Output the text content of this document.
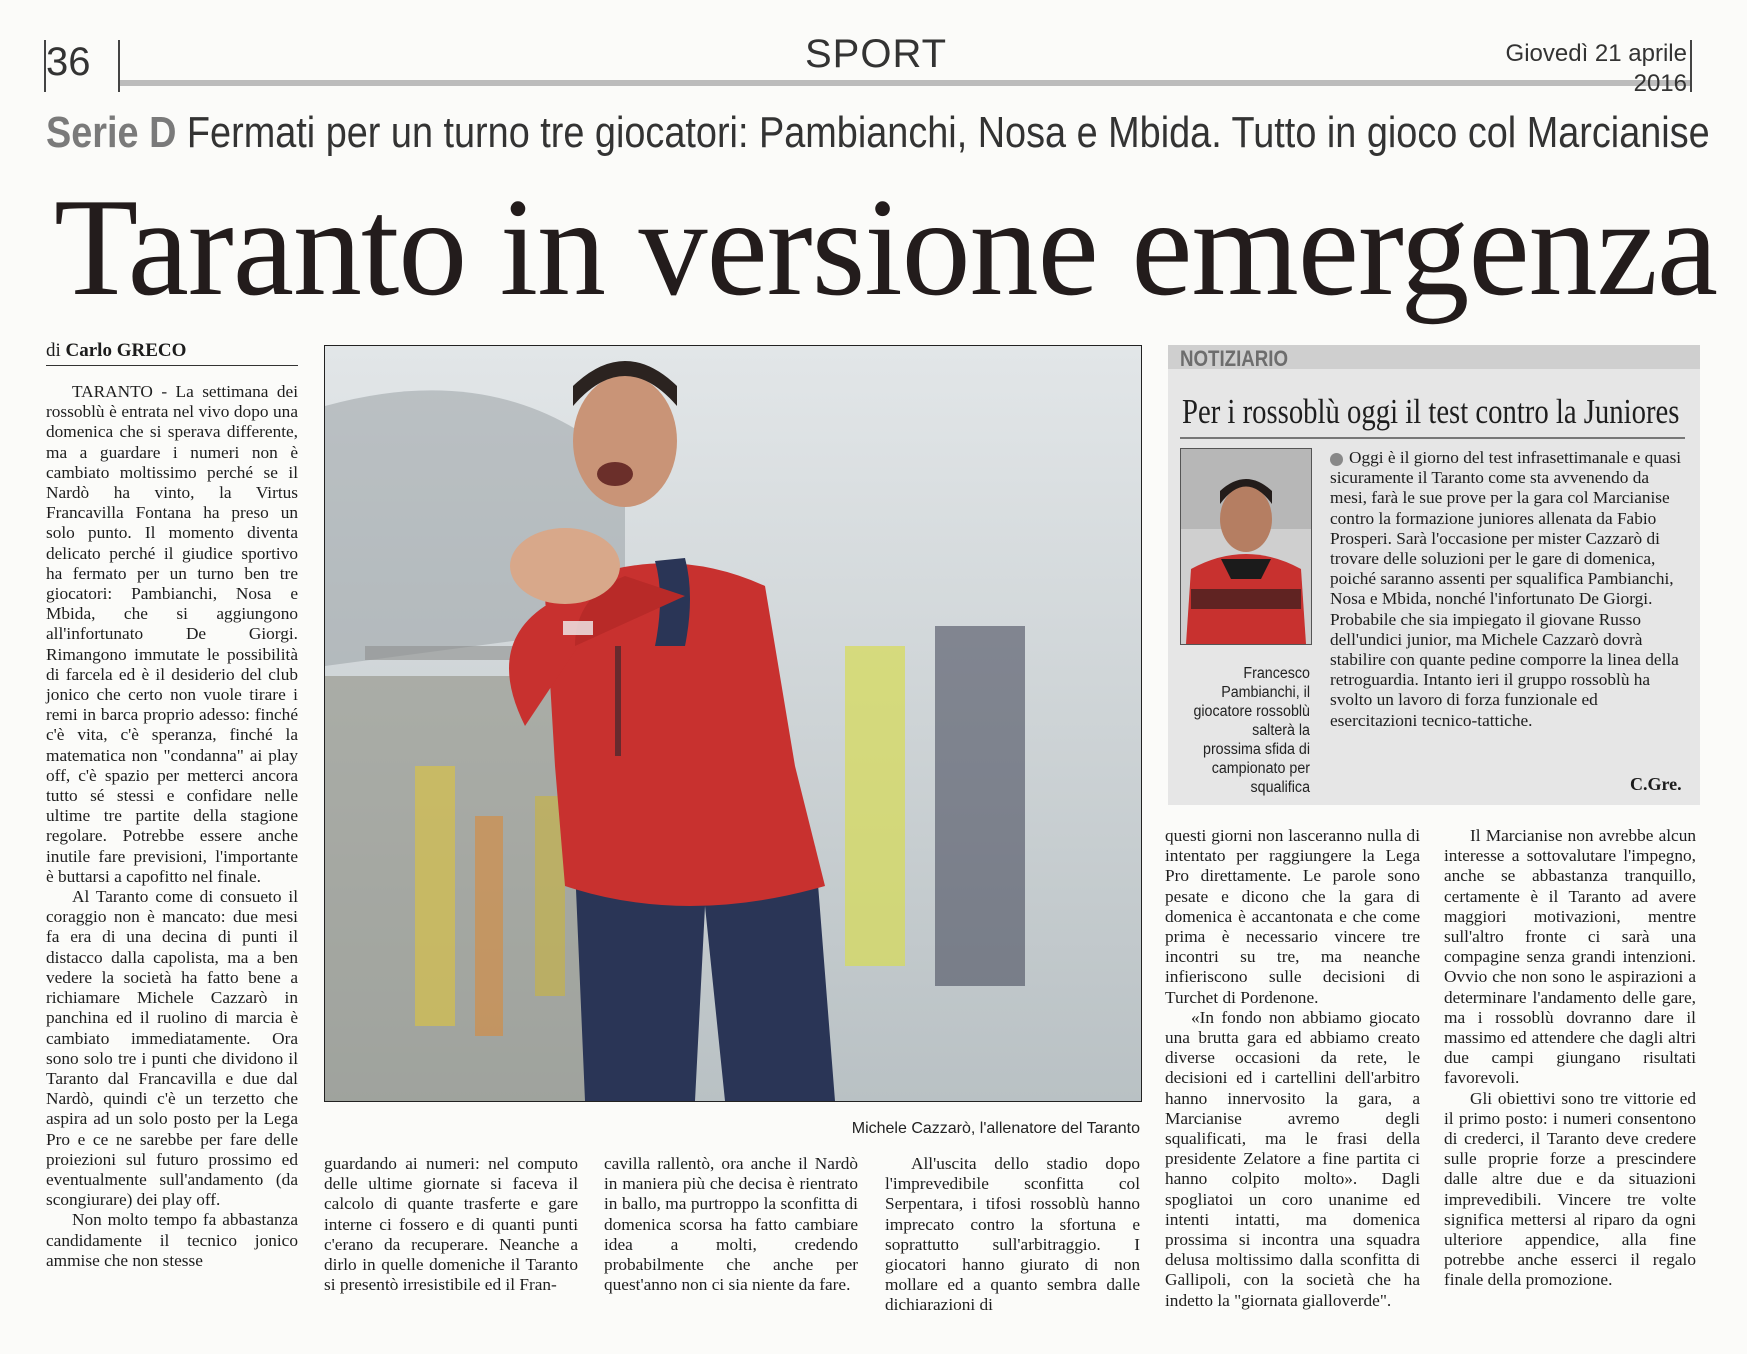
36	SPORT	Giovedì 21 aprile
2016
Serie D Fermati per un turno tre giocatori: Pambianchi, Nosa e Mbida. Tutto in gioco col Marcianise
Taranto in versione emergenza
di Carlo GRECO

TARANTO - La settimana dei rossoblù è entrata nel vivo dopo una domenica che si sperava differente, ma a guardare i numeri non è cambiato moltissimo perché se il Nardò ha vinto, la Virtus Francavilla Fontana ha preso un solo punto. Il momento diventa delicato perché il giudice sportivo ha fermato per un turno ben tre giocatori: Pambianchi, Nosa e Mbida, che si aggiungono all'infortunato De Giorgi. Rimangono immutate le possibilità di farcela ed è il desiderio del club jonico che certo non vuole tirare i remi in barca proprio adesso: finché c'è vita, c'è speranza, finché la matematica non "condanna" ai play off, c'è spazio per metterci ancora tutto sé stessi e confidare nelle ultime tre partite della stagione regolare. Potrebbe essere anche inutile fare previsioni, l'importante è buttarsi a capofitto nel finale.

Al Taranto come di consueto il coraggio non è mancato: due mesi fa era di una decina di punti il distacco dalla capolista, ma a ben vedere la società ha fatto bene a richiamare Michele Cazzarò in panchina ed il ruolino di marcia è cambiato immediatamente. Ora sono solo tre i punti che dividono il Taranto dal Francavilla e due dal Nardò, quindi c'è un terzetto che aspira ad un solo posto per la Lega Pro e ce ne sarebbe per fare delle proiezioni sul futuro prossimo ed eventualmente sull'andamento (da scongiurare) dei play off.

Non molto tempo fa abbastanza candidamente il tecnico jonico ammise che non stesse

Michele Cazzarò, l'allenatore del Taranto

guardando ai numeri: nel computo delle ultime giornate si faceva il calcolo di quante trasferte e gare interne ci fossero e di quanti punti c'erano da recuperare. Neanche a dirlo in quelle domeniche il Taranto si presentò irresistibile ed il Fran-

cavilla rallentò, ora anche il Nardò in maniera più che decisa è rientrato in ballo, ma purtroppo la sconfitta di domenica scorsa ha fatto cambiare idea a molti, credendo probabilmente che anche per quest'anno non ci sia niente da fare.

All'uscita dello stadio dopo l'imprevedibile sconfitta col Serpentara, i tifosi rossoblù hanno imprecato contro la sfortuna e soprattutto sull'arbitraggio. I giocatori hanno giurato di non mollare ed a quanto sembra dalle dichiarazioni di

questi giorni non lasceranno nulla di intentato per raggiungere la Lega Pro direttamente. Le parole sono pesate e dicono che la gara di domenica è accantonata e che come prima è necessario vincere tre incontri su tre, ma neanche infieriscono sulle decisioni di Turchet di Pordenone.

«In fondo non abbiamo giocato una brutta gara ed abbiamo creato diverse occasioni da rete, le decisioni ed i cartellini dell'arbitro hanno innervosito la gara, a Marcianise avremo degli squalificati, ma le frasi della presidente Zelatore a fine partita ci hanno colpito molto». Dagli spogliatoi un coro unanime ed intenti intatti, ma domenica prossima si incontra una squadra delusa moltissimo dalla sconfitta di Gallipoli, con la società che ha indetto la "giornata gialloverde".

Il Marcianise non avrebbe alcun interesse a sottovalutare l'impegno, anche se abbastanza tranquillo, certamente è il Taranto ad avere maggiori motivazioni, mentre sull'altro fronte ci sarà una compagine senza grandi intenzioni. Ovvio che non sono le aspirazioni a determinare l'andamento delle gare, ma i rossoblù dovranno dare il massimo ed attendere che dagli altri due campi giungano risultati favorevoli.

Gli obiettivi sono tre vittorie ed il primo posto: i numeri consentono di crederci, il Taranto deve credere sulle proprie forze a prescindere dalle altre due e da situazioni imprevedibili. Vincere tre volte significa mettersi al riparo da ogni ulteriore appendice, alla fine potrebbe anche esserci il regalo finale della promozione.

NOTIZIARIO
Per i rossoblù oggi il test contro la Juniores
Francesco Pambianchi, il giocatore rossoblù salterà la prossima sfida di campionato per squalifica
Oggi è il giorno del test infrasettimanale e quasi sicuramente il Taranto come sta avvenendo da mesi, farà le sue prove per la gara col Marcianise contro la formazione juniores allenata da Fabio Prosperi. Sarà l'occasione per mister Cazzarò di trovare delle soluzioni per le gare di domenica, poiché saranno assenti per squalifica Pambianchi, Nosa e Mbida, nonché l'infortunato De Giorgi. Probabile che sia impiegato il giovane Russo dell'undici junior, ma Michele Cazzarò dovrà stabilire con quante pedine comporre la linea della retroguardia. Intanto ieri il gruppo rossoblù ha svolto un lavoro di forza funzionale ed esercitazioni tecnico-tattiche.
C.Gre.
